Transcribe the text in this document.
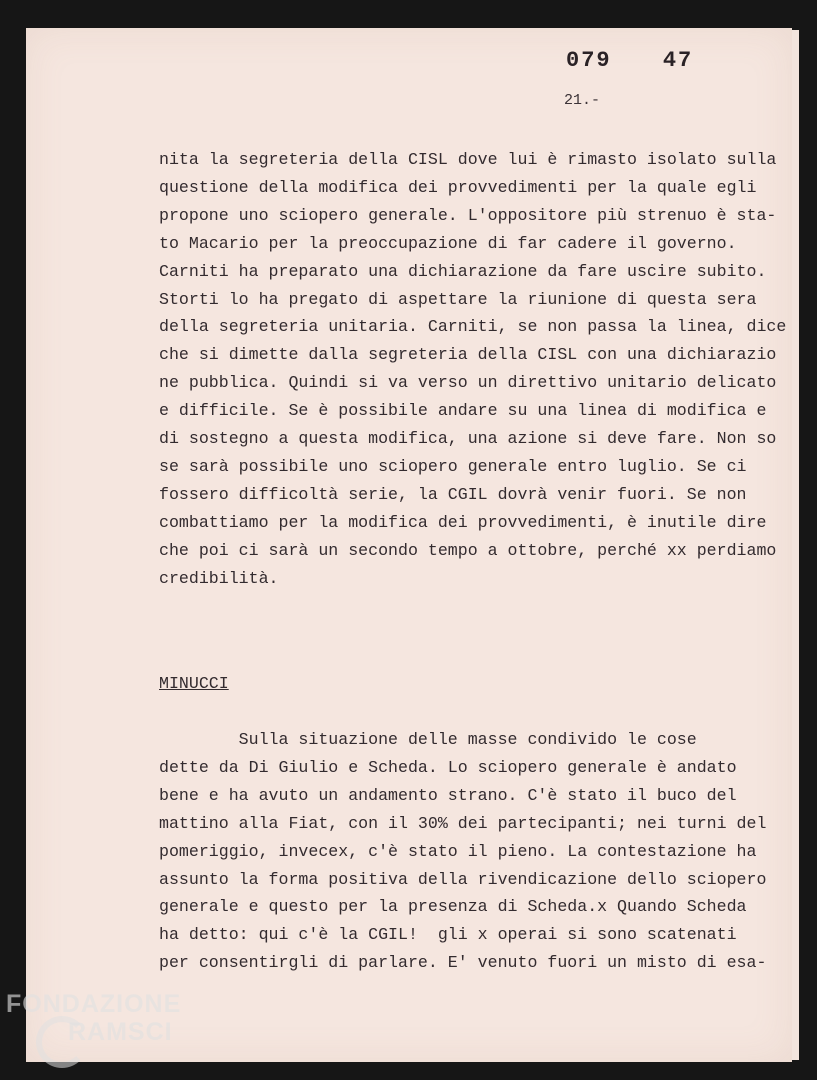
079 47
21.-
nita la segreteria della CISL dove lui è rimasto isolato sulla
questione della modifica dei provvedimenti per la quale egli
propone uno sciopero generale. L'oppositore più strenuo è sta-
to Macario per la preoccupazione di far cadere il governo.
Carniti ha preparato una dichiarazione da fare uscire subito.
Storti lo ha pregato di aspettare la riunione di questa sera
della segreteria unitaria. Carniti, se non passa la linea, dice
che si dimette dalla segreteria della CISL con una dichiarazio
ne pubblica. Quindi si va verso un direttivo unitario delicato
e difficile. Se è possibile andare su una linea di modifica e
di sostegno a questa modifica, una azione si deve fare. Non so
se sarà possibile uno sciopero generale entro luglio. Se ci
fossero difficoltà serie, la CGIL dovrà venir fuori. Se non
combattiamo per la modifica dei provvedimenti, è inutile dire
che poi ci sarà un secondo tempo a ottobre, perché xx perdiamo
credibilità.
MINUCCI
Sulla situazione delle masse condivido le cose
dette da Di Giulio e Scheda. Lo sciopero generale è andato
bene e ha avuto un andamento strano. C'è stato il buco del
mattino alla Fiat, con il 30% dei partecipanti; nei turni del
pomeriggio, invecex, c'è stato il pieno. La contestazione ha
assunto la forma positiva della rivendicazione dello sciopero
generale e questo per la presenza di Scheda.x Quando Scheda
ha detto: qui c'è la CGIL!  gli x operai si sono scatenati
per consentirgli di parlare. E' venuto fuori un misto di esa-
FONDAZIONE
RAMSCI
